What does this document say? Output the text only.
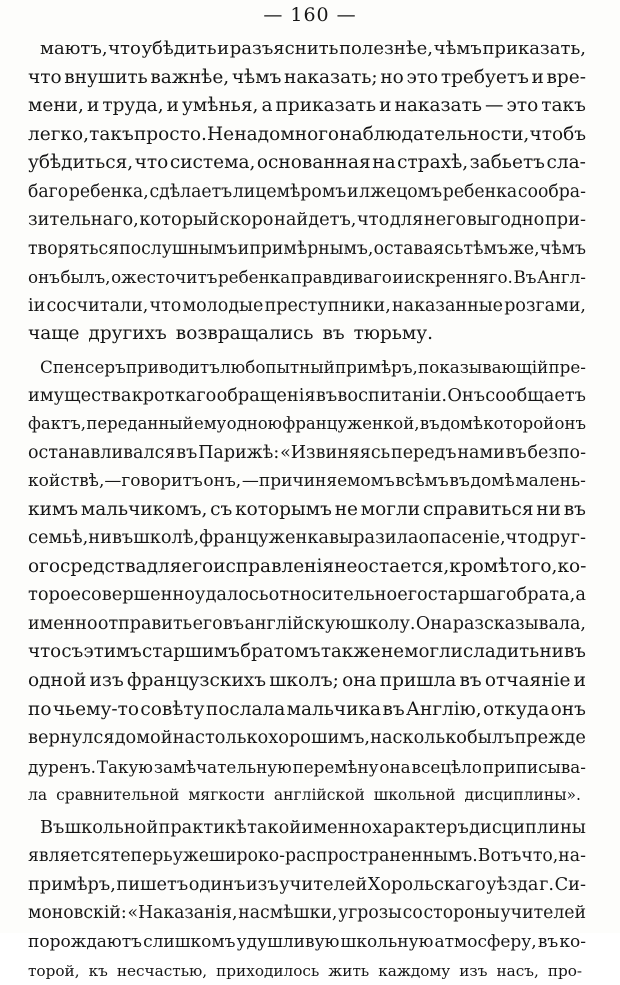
— 160 —
маютъ, что убѣдить и разъяснить полезнѣе, чѣмъ приказать,
что внушить важнѣе, чѣмъ наказать; но это требуетъ и вре-
мени, и труда, и умѣнья, а приказать и наказать — это такъ
легко, такъ просто. Не надо много наблюдательности, чтобъ
убѣдиться, что система, основанная на страхѣ, забьетъ сла-
баго ребенка, сдѣлаетъ лицемѣромъ и лжецомъ ребенка сообра-
зительнаго, который скоро найдетъ, что для него выгодно при-
творяться послушнымъ и примѣрнымъ, оставаясь тѣмъ же, чѣмъ
онъ былъ, ожесточитъ ребенка правдиваго и искренняго. Въ Англ-
іи сосчитали, что молодые преступники, наказанные розгами,
чаще другихъ возвращались въ тюрьму.
Спенсеръ приводитъ любопытный примѣръ, показывающій пре-
имущества кроткаго обращенія въ воспитаніи. Онъ сообщаетъ
фактъ, переданный ему одною француженкой, въ домѣ которой онъ
останавливался въ Парижѣ: «Извиняясь передъ нами въ безпо-
койствѣ,—говоритъ онъ, —причиняемомъ всѣмъ въ домѣ малень-
кимъ мальчикомъ, съ которымъ не могли справиться ни въ
семьѣ, ни въ школѣ, француженка выразила опасеніе, что друг-
ого средства для его исправленія не остается, кромѣ того, ко-
торое совершенно удалось относительно его старшаго брата, а
именно отправить его въ англійскую школу. Она разсказывала,
что съ этимъ старшимъ братомъ также не могли сладить ни въ
одной изъ французскихъ школъ; она пришла въ отчаяніе и
по чьему-то совѣту послала мальчика въ Англію, откуда онъ
вернулся домой настолько хорошимъ, насколько былъ прежде
дуренъ. Такую замѣчательную перемѣну она всецѣло приписыва-
ла сравнительной мягкости англійской школьной дисциплины».
Въ школьной практикѣ такой именно характеръ дисциплины
является теперь уже широко-распространеннымъ. Вотъ что, на-
примѣръ, пишетъ одинъ изъ учителей Хорольскаго уѣзда г. Си-
моновскій: «Наказанія, насмѣшки, угрозы со стороны учителей
порождаютъ слишкомъ удушливую школьную атмосферу, въ ко-
торой, къ несчастью, приходилось жить каждому изъ насъ, про-
